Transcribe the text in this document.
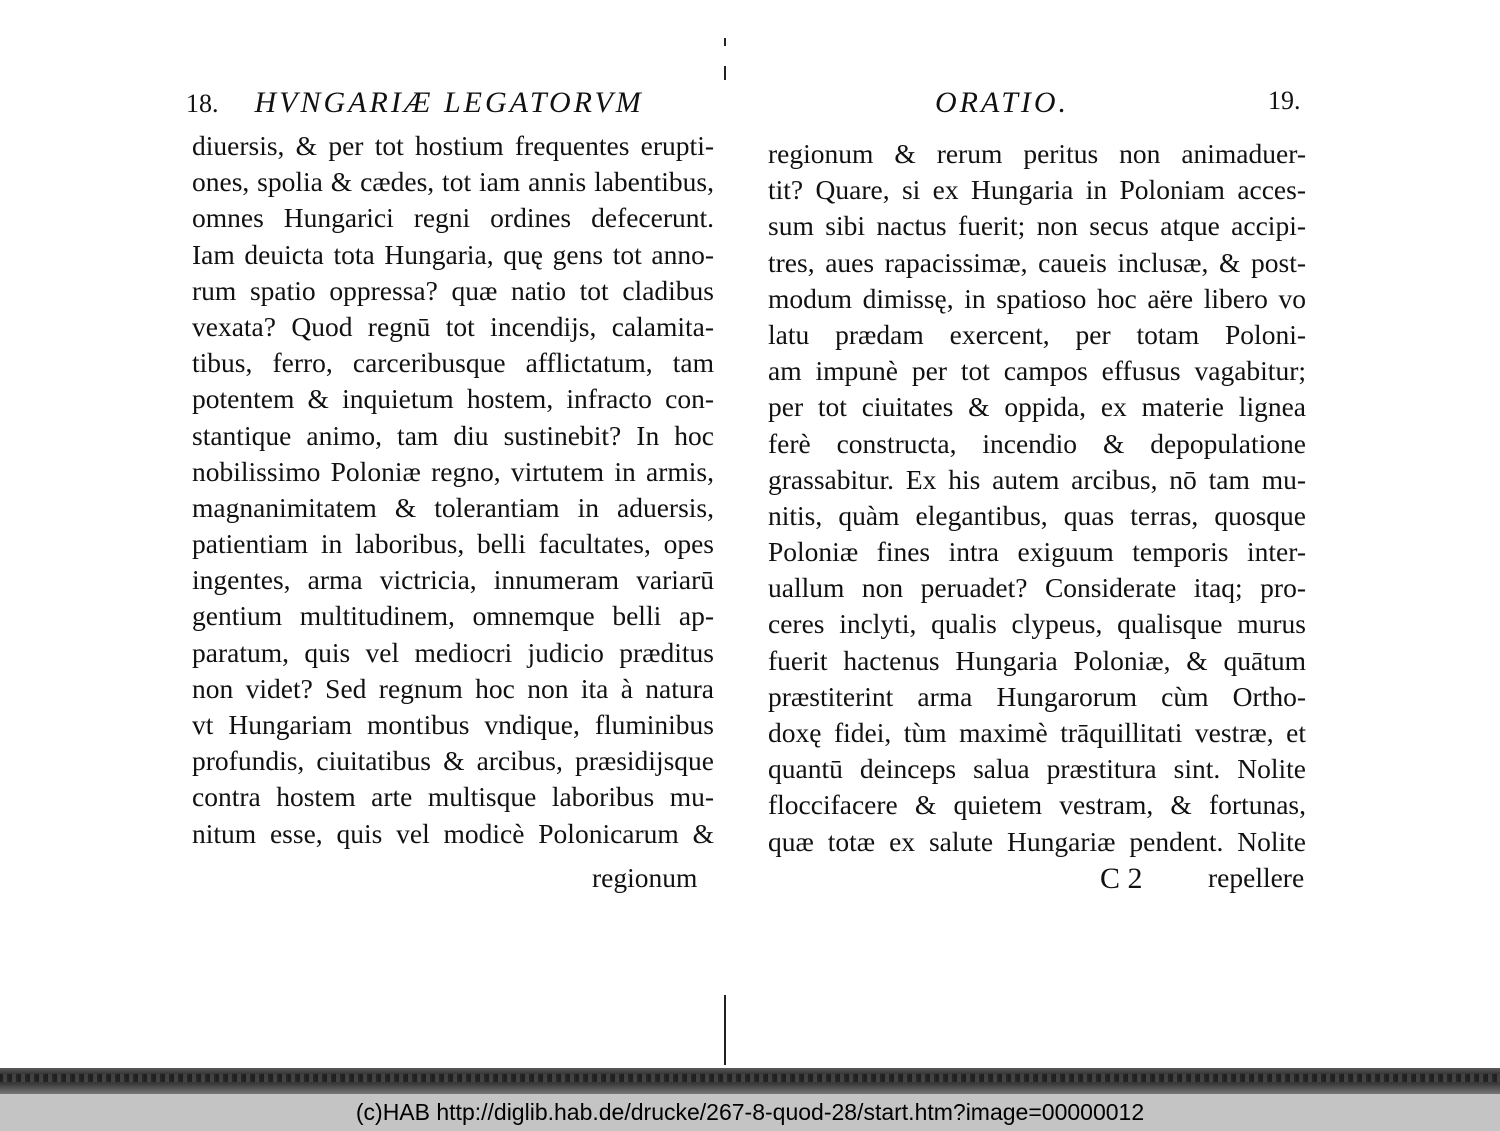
18. HVNGARIÆ LEGATORVM
diuersis, & per tot hostium frequentes erupti-
ones, spolia & cædes, tot iam annis labentibus,
omnes Hungarici regni ordines defecerunt.
Iam deuicta tota Hungaria, quę gens tot anno-
rum spatio oppressa? quæ natio tot cladibus
vexata? Quod regnū tot incendijs, calamita-
tibus, ferro, carceribusque afflictatum, tam
potentem & inquietum hostem, infracto con-
stantique animo, tam diu sustinebit? In hoc
nobilissimo Poloniæ regno, virtutem in armis,
magnanimitatem & tolerantiam in aduersis,
patientiam in laboribus, belli facultates, opes
ingentes, arma victricia, innumeram variarū
gentium multitudinem, omnemque belli ap-
paratum, quis vel mediocri judicio præditus
non videt? Sed regnum hoc non ita à natura
vt Hungariam montibus vndique, fluminibus
profundis, ciuitatibus & arcibus, præsidijsque
contra hostem arte multisque laboribus mu-
nitum esse, quis vel modicè Polonicarum &
regionum
ORATIO.	19.
regionum & rerum peritus non animaduer-
tit? Quare, si ex Hungaria in Poloniam acces-
sum sibi nactus fuerit; non secus atque accipi-
tres, aues rapacissimæ, caueis inclusæ, & post-
modum dimissę, in spatioso hoc aëre libero vo
latu prædam exercent, per totam Poloni-
am impunè per tot campos effusus vagabitur;
per tot ciuitates & oppida, ex materie lignea
ferè constructa, incendio & depopulatione
grassabitur. Ex his autem arcibus, nō tam mu-
nitis, quàm elegantibus, quas terras, quosque
Poloniæ fines intra exiguum temporis inter-
uallum non peruadet? Considerate itaq; pro-
ceres inclyti, qualis clypeus, qualisque murus
fuerit hactenus Hungaria Poloniæ, & quātum
præstiterint arma Hungarorum cùm Ortho-
doxę fidei, tùm maximè trāquillitati vestræ, et
quantū deinceps salua præstitura sint. Nolite
floccifacere & quietem vestram, & fortunas,
quæ totæ ex salute Hungariæ pendent. Nolite
C 2 repellere
(c)HAB http://diglib.hab.de/drucke/267-8-quod-28/start.htm?image=00000012
